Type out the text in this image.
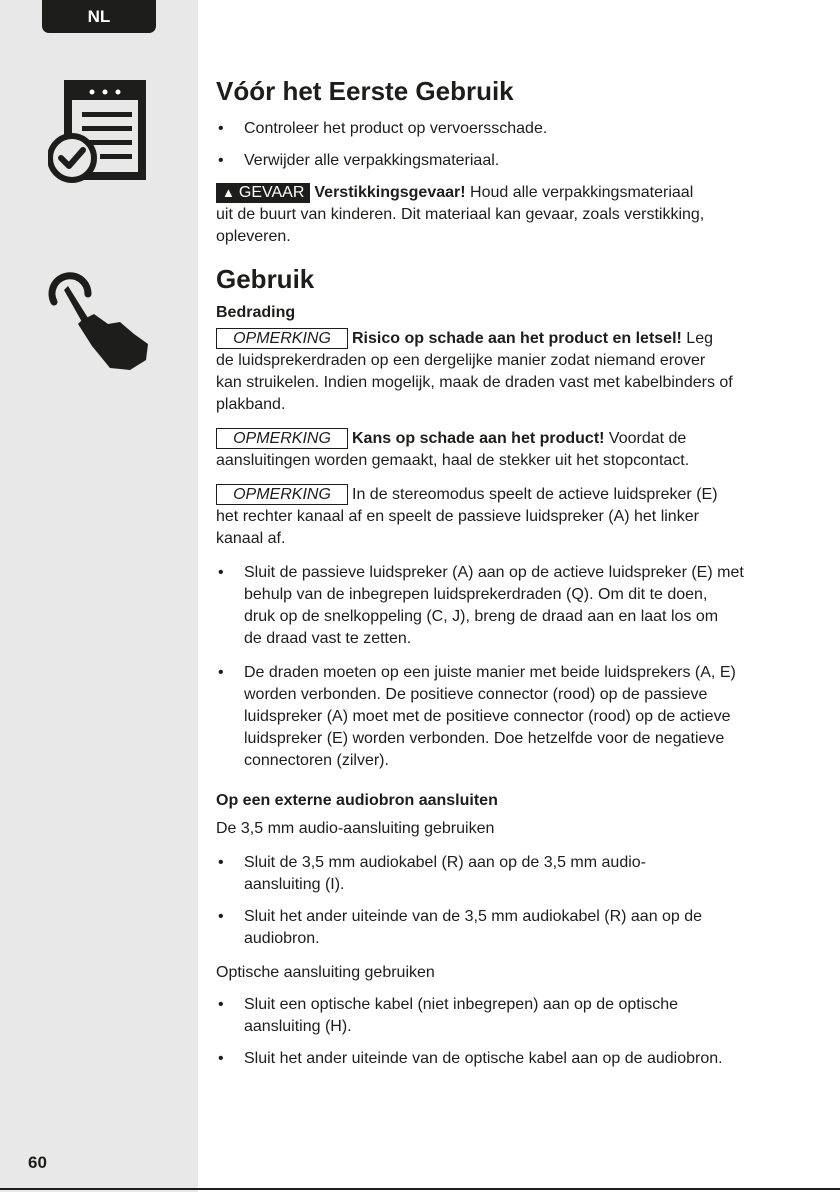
NL
60
Vóór het Eerste Gebruik
• Controleer het product op vervoersschade.
• Verwijder alle verpakkingsmateriaal.

▲ GEVAAR Verstikkingsgevaar! Houd alle verpakkingsmateriaal

uit de buurt van kinderen. Dit materiaal kan gevaar, zoals verstikking,

opleveren.

Gebruik
Bedrading

OPMERKING Risico op schade aan het product en letsel! Leg

de luidsprekerdraden op een dergelijke manier zodat niemand erover

kan struikelen. Indien mogelijk, maak de draden vast met kabelbinders of

plakband.

OPMERKING Kans op schade aan het product! Voordat de

aansluitingen worden gemaakt, haal de stekker uit het stopcontact.

OPMERKING In de stereomodus speelt de actieve luidspreker (E)

het rechter kanaal af en speelt de passieve luidspreker (A) het linker

kanaal af.

• Sluit de passieve luidspreker (A) aan op de actieve luidspreker (E) met

behulp van de inbegrepen luidsprekerdraden (Q). Om dit te doen,

druk op de snelkoppeling (C, J), breng de draad aan en laat los om

de draad vast te zetten.

• De draden moeten op een juiste manier met beide luidsprekers (A, E)

worden verbonden. De positieve connector (rood) op de passieve

luidspreker (A) moet met de positieve connector (rood) op de actieve

luidspreker (E) worden verbonden. Doe hetzelfde voor de negatieve

connectoren (zilver).

Op een externe audiobron aansluiten

De 3,5 mm audio-aansluiting gebruiken

• Sluit de 3,5 mm audiokabel (R) aan op de 3,5 mm audio-

aansluiting (I).

• Sluit het ander uiteinde van de 3,5 mm audiokabel (R) aan op de

audiobron.

Optische aansluiting gebruiken

• Sluit een optische kabel (niet inbegrepen) aan op de optische

aansluiting (H).

• Sluit het ander uiteinde van de optische kabel aan op de audiobron.
